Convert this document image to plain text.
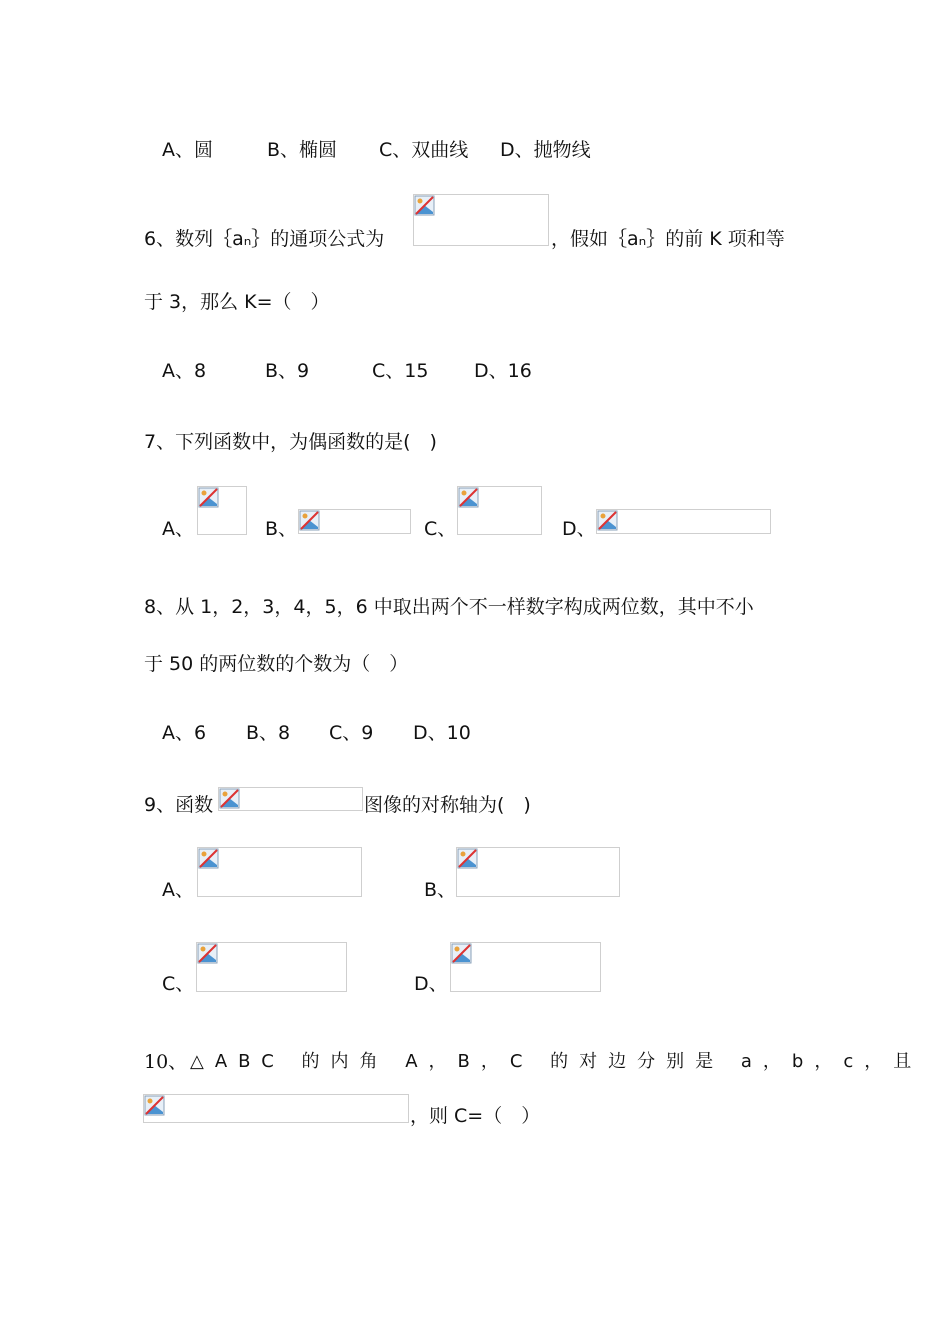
A、圆	B、椭圆 C、双曲线 D、抛物线
6、数列｛aₙ｝的通项公式为	，假如｛aₙ｝的前 K 项和等
于 3，那么 K=（　）
A、8	B、9	C、15 D、16
7、下列函数中，为偶函数的是(　)
A、	B、	C、	D、
8、从 1，2，3，4，5，6 中取出两个不一样数字构成两位数，其中不小
于 50 的两位数的个数为（　）
A、6 B、8 C、9 D、10
9、函数	图像的对称轴为(　)
A、	B、
C、	D、
10、 △ABC 的内角 A，B，C 的对边分别是 a，b，c，且
，则 C=（　）
